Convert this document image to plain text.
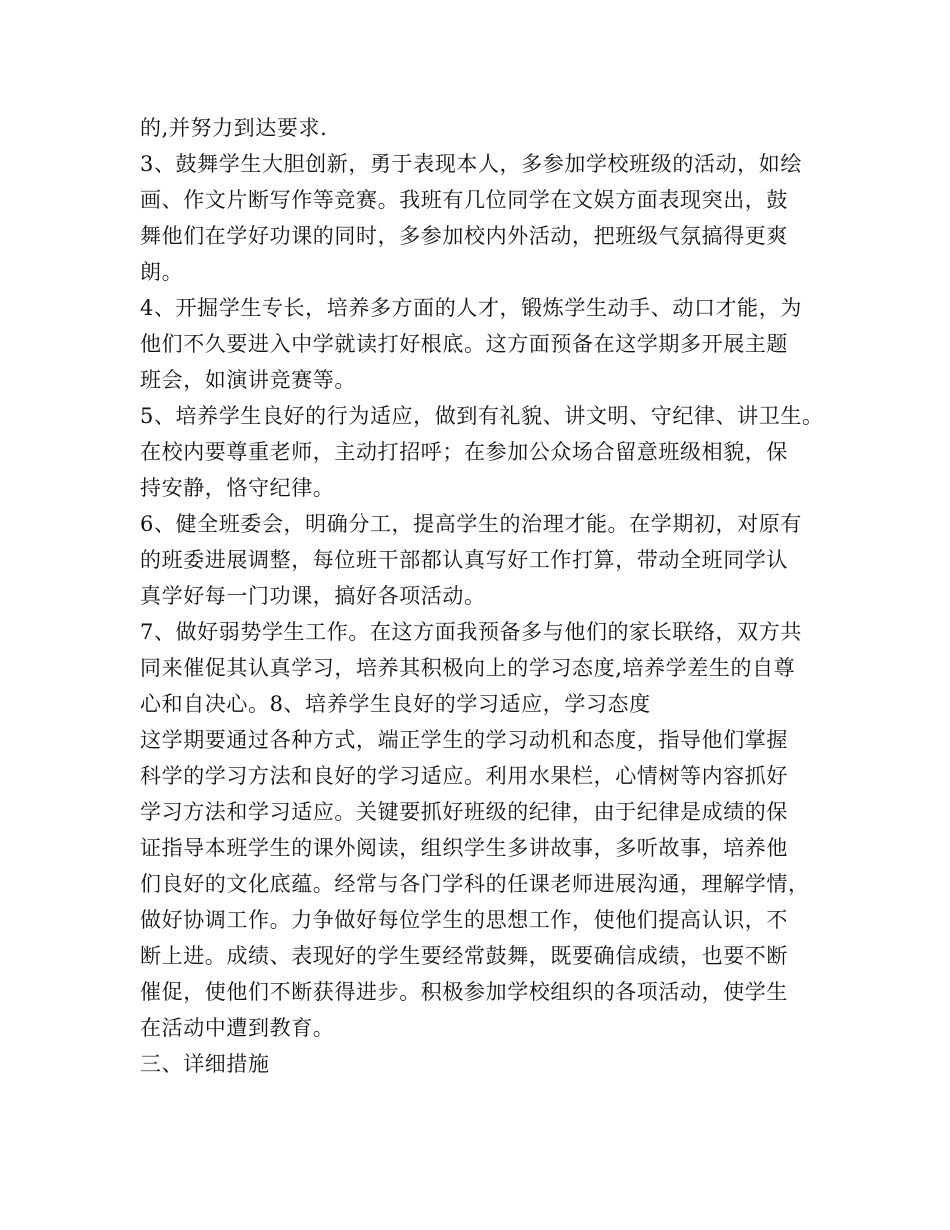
的,并努力到达要求.
3、鼓舞学生大胆创新，勇于表现本人，多参加学校班级的活动，如绘
画、作文片断写作等竞赛。我班有几位同学在文娱方面表现突出，鼓
舞他们在学好功课的同时，多参加校内外活动，把班级气氛搞得更爽
朗。
4、开掘学生专长，培养多方面的人才，锻炼学生动手、动口才能，为
他们不久要进入中学就读打好根底。这方面预备在这学期多开展主题
班会，如演讲竞赛等。
5、培养学生良好的行为适应，做到有礼貌、讲文明、守纪律、讲卫生。
在校内要尊重老师，主动打招呼；在参加公众场合留意班级相貌，保
持安静，恪守纪律。
6、健全班委会，明确分工，提高学生的治理才能。在学期初，对原有
的班委进展调整，每位班干部都认真写好工作打算，带动全班同学认
真学好每一门功课，搞好各项活动。
7、做好弱势学生工作。在这方面我预备多与他们的家长联络，双方共
同来催促其认真学习，培养其积极向上的学习态度,培养学差生的自尊
心和自决心。8、培养学生良好的学习适应，学习态度
这学期要通过各种方式，端正学生的学习动机和态度，指导他们掌握
科学的学习方法和良好的学习适应。利用水果栏，心情树等内容抓好
学习方法和学习适应。关键要抓好班级的纪律，由于纪律是成绩的保
证指导本班学生的课外阅读，组织学生多讲故事，多听故事，培养他
们良好的文化底蕴。经常与各门学科的任课老师进展沟通，理解学情，
做好协调工作。力争做好每位学生的思想工作，使他们提高认识，不
断上进。成绩、表现好的学生要经常鼓舞，既要确信成绩，也要不断
催促，使他们不断获得进步。积极参加学校组织的各项活动，使学生
在活动中遭到教育。
三、详细措施
